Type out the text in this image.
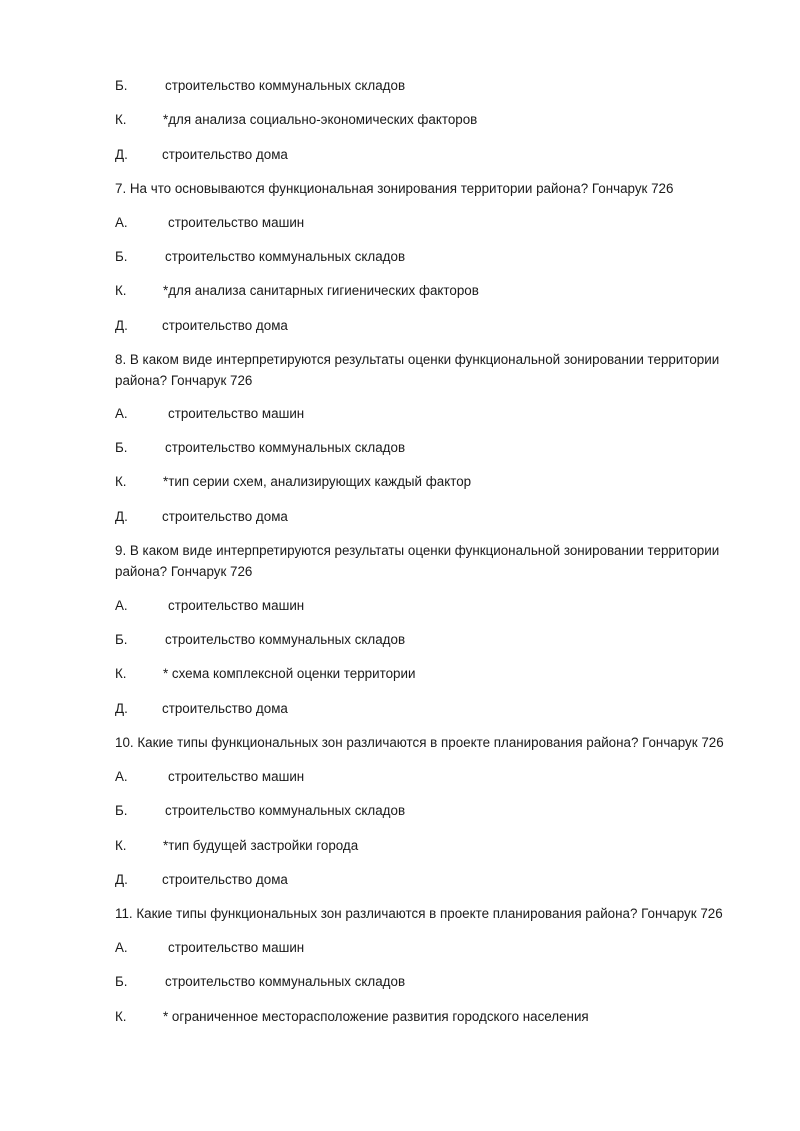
Б.	строительство коммунальных складов
К.	*для анализа социально-экономических факторов
Д.	строительство дома
7. На что основываются функциональная зонирования территории района? Гончарук 726
А.	строительство машин
Б.	строительство коммунальных складов
К.	*для анализа санитарных гигиенических факторов
Д.	строительство дома
8. В каком виде интерпретируются результаты оценки функциональной зонировании территории района? Гончарук 726
А.	строительство машин
Б.	строительство коммунальных складов
К.	*тип серии схем, анализирующих каждый фактор
Д.	строительство дома
9. В каком виде интерпретируются результаты оценки функциональной зонировании территории района? Гончарук 726
А.	строительство машин
Б.	строительство коммунальных складов
К.	* схема комплексной оценки территории
Д.	строительство дома
10. Какие типы функциональных зон различаются в проекте планирования района? Гончарук 726
А.	строительство машин
Б.	строительство коммунальных складов
К.	*тип будущей застройки города
Д.	строительство дома
11. Какие типы функциональных зон различаются в проекте планирования района? Гончарук 726
А.	строительство машин
Б.	строительство коммунальных складов
К.	* ограниченное месторасположение развития городского населения
